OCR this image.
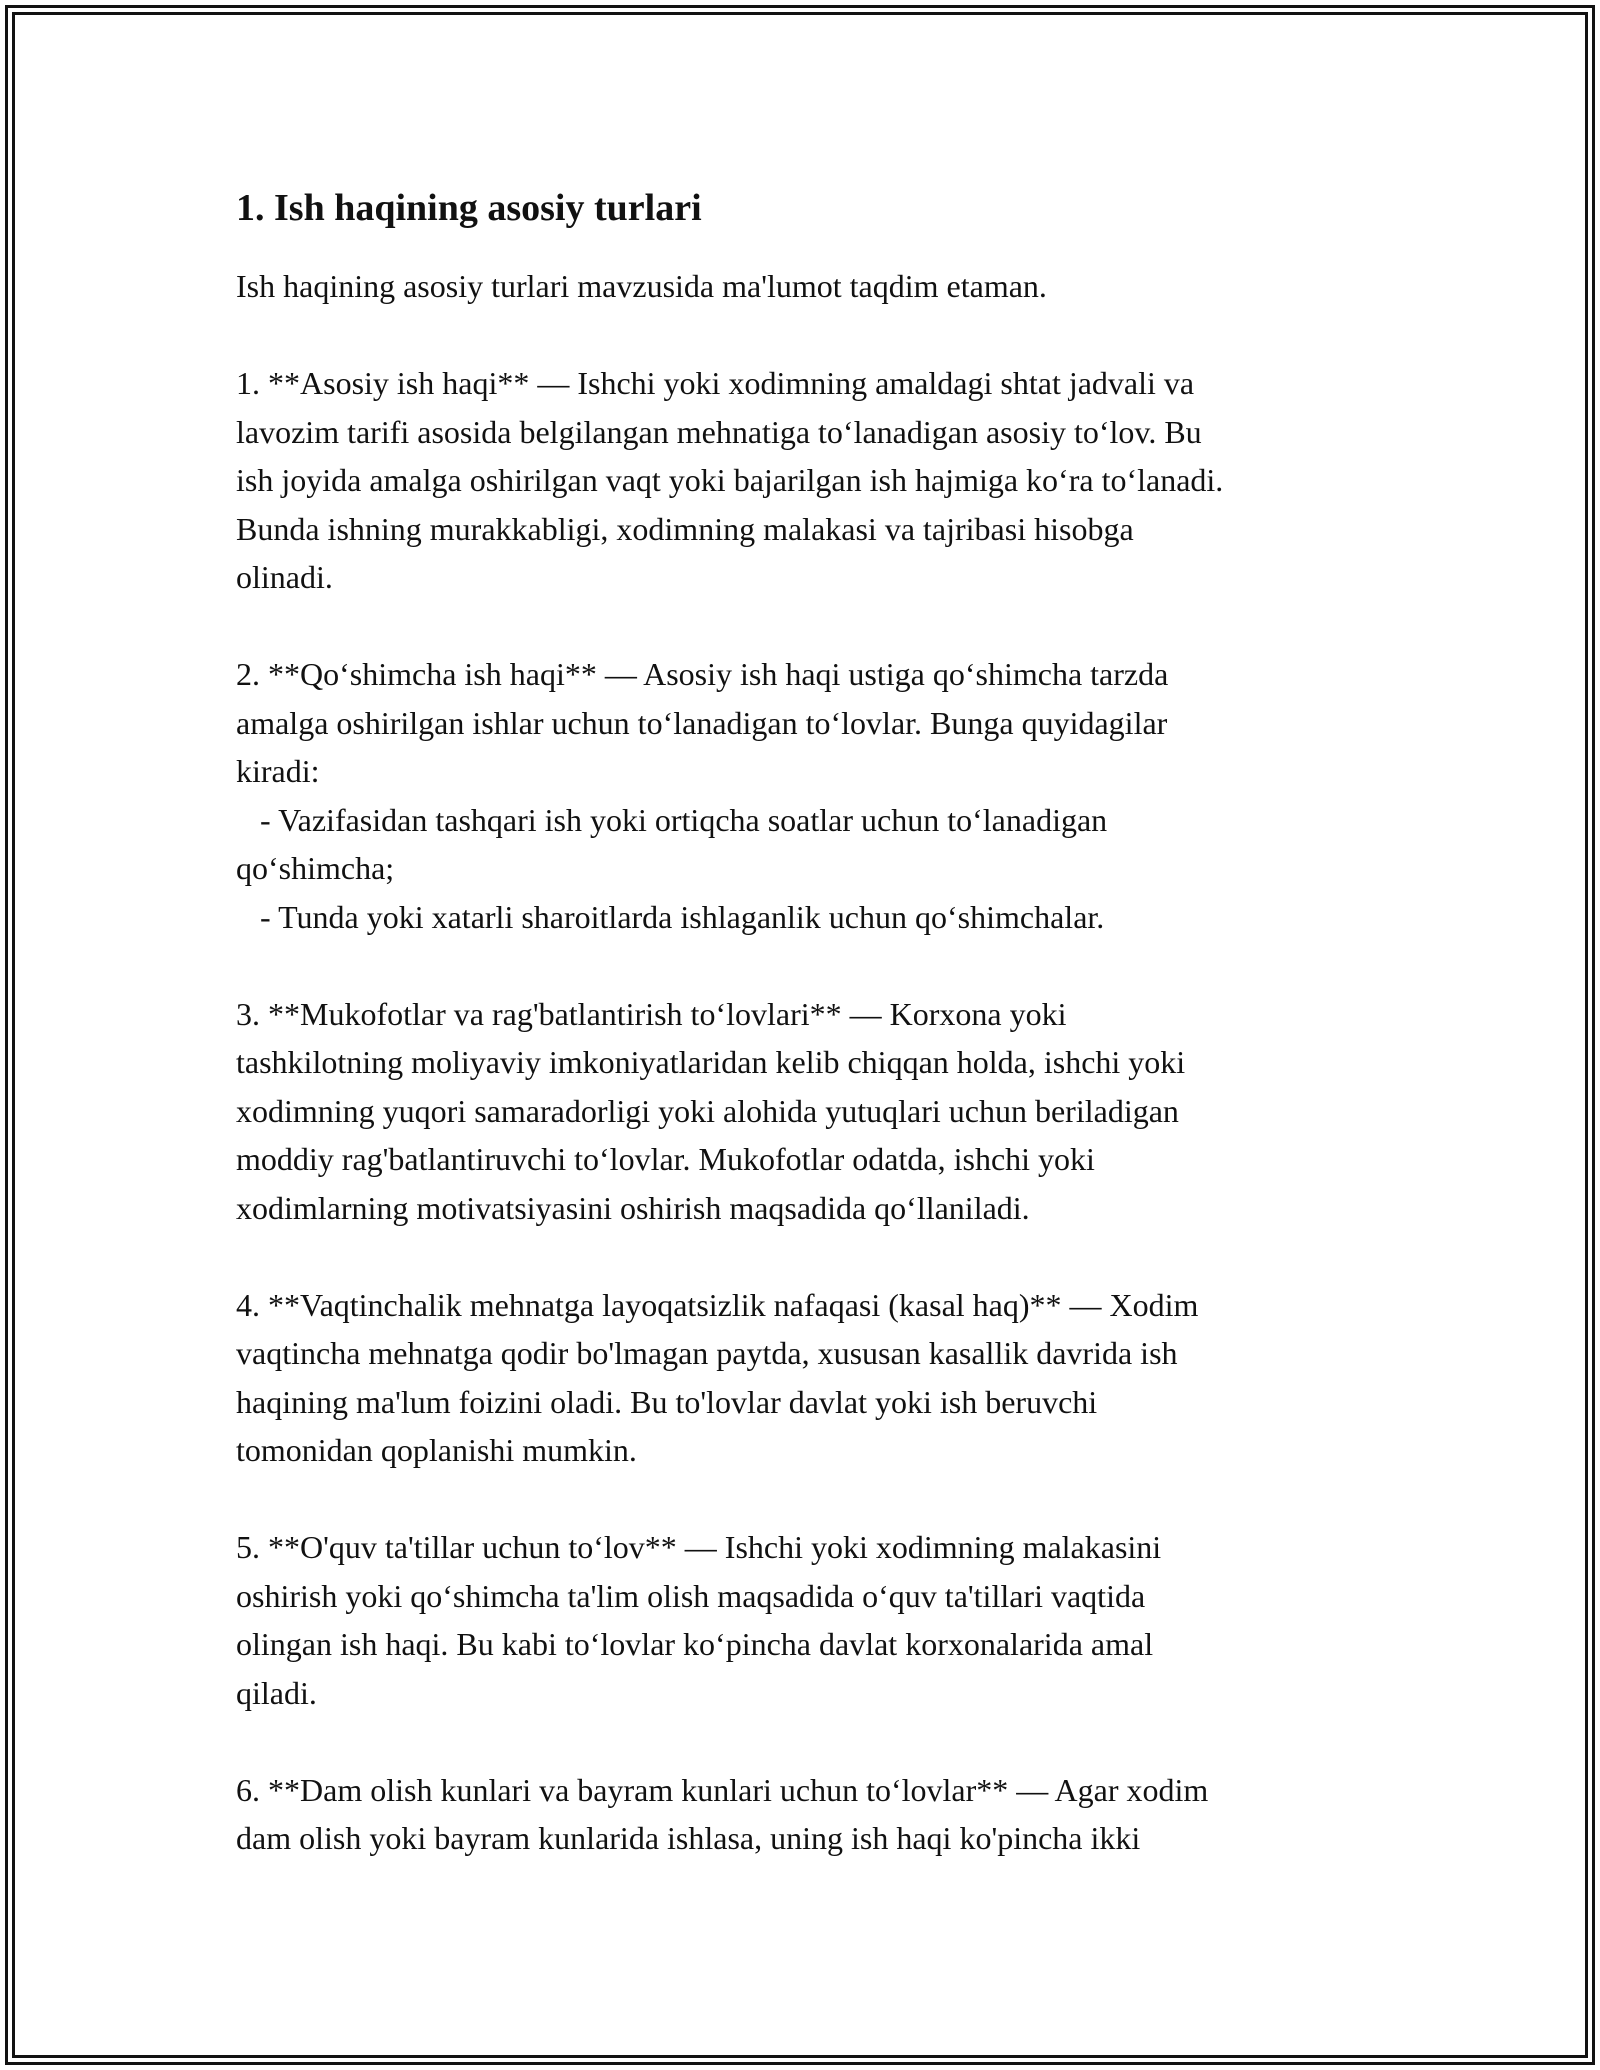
1. Ish haqining asosiy turlari

Ish haqining asosiy turlari mavzusida ma'lumot taqdim etaman.

1. **Asosiy ish haqi** — Ishchi yoki xodimning amaldagi shtat jadvali va
lavozim tarifi asosida belgilangan mehnatiga to‘lanadigan asosiy to‘lov. Bu
ish joyida amalga oshirilgan vaqt yoki bajarilgan ish hajmiga ko‘ra to‘lanadi.
Bunda ishning murakkabligi, xodimning malakasi va tajribasi hisobga
olinadi.

2. **Qo‘shimcha ish haqi** — Asosiy ish haqi ustiga qo‘shimcha tarzda
amalga oshirilgan ishlar uchun to‘lanadigan to‘lovlar. Bunga quyidagilar
kiradi:
- Vazifasidan tashqari ish yoki ortiqcha soatlar uchun to‘lanadigan
qo‘shimcha;
- Tunda yoki xatarli sharoitlarda ishlaganlik uchun qo‘shimchalar.

3. **Mukofotlar va rag'batlantirish to‘lovlari** — Korxona yoki
tashkilotning moliyaviy imkoniyatlaridan kelib chiqqan holda, ishchi yoki
xodimning yuqori samaradorligi yoki alohida yutuqlari uchun beriladigan
moddiy rag'batlantiruvchi to‘lovlar. Mukofotlar odatda, ishchi yoki
xodimlarning motivatsiyasini oshirish maqsadida qo‘llaniladi.

4. **Vaqtinchalik mehnatga layoqatsizlik nafaqasi (kasal haq)** — Xodim
vaqtincha mehnatga qodir bo'lmagan paytda, xususan kasallik davrida ish
haqining ma'lum foizini oladi. Bu to'lovlar davlat yoki ish beruvchi
tomonidan qoplanishi mumkin.

5. **O'quv ta'tillar uchun to‘lov** — Ishchi yoki xodimning malakasini
oshirish yoki qo‘shimcha ta'lim olish maqsadida o‘quv ta'tillari vaqtida
olingan ish haqi. Bu kabi to‘lovlar ko‘pincha davlat korxonalarida amal
qiladi.

6. **Dam olish kunlari va bayram kunlari uchun to‘lovlar** — Agar xodim
dam olish yoki bayram kunlarida ishlasa, uning ish haqi ko'pincha ikki
